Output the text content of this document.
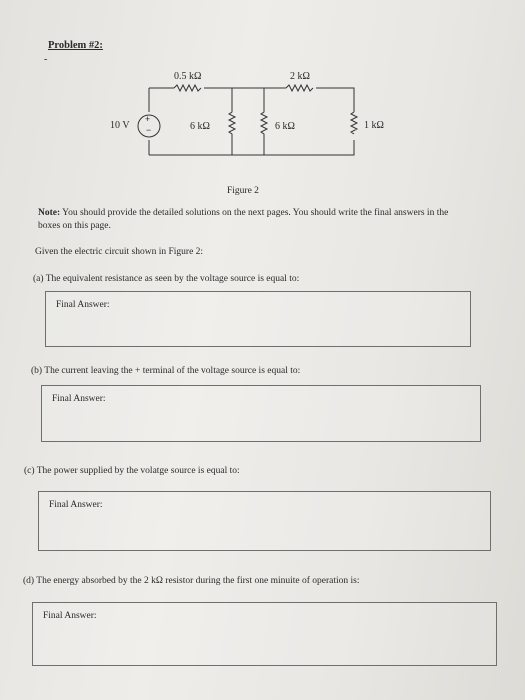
Problem #2:
-
0.5 kΩ	2 kΩ
10 V
+
−	6 kΩ	6 kΩ	1 kΩ
Figure 2
Note: You should provide the detailed solutions on the next pages. You should write the final answers in the boxes on this page.
Given the electric circuit shown in Figure 2:
(a) The equivalent resistance as seen by the voltage source is equal to:
Final Answer:
(b) The current leaving the + terminal of the voltage source is equal to:
Final Answer:
(c) The power supplied by the volatge source is equal to:
Final Answer:
(d) The energy absorbed by the 2 kΩ resistor during the first one minuite of operation is:
Final Answer:
